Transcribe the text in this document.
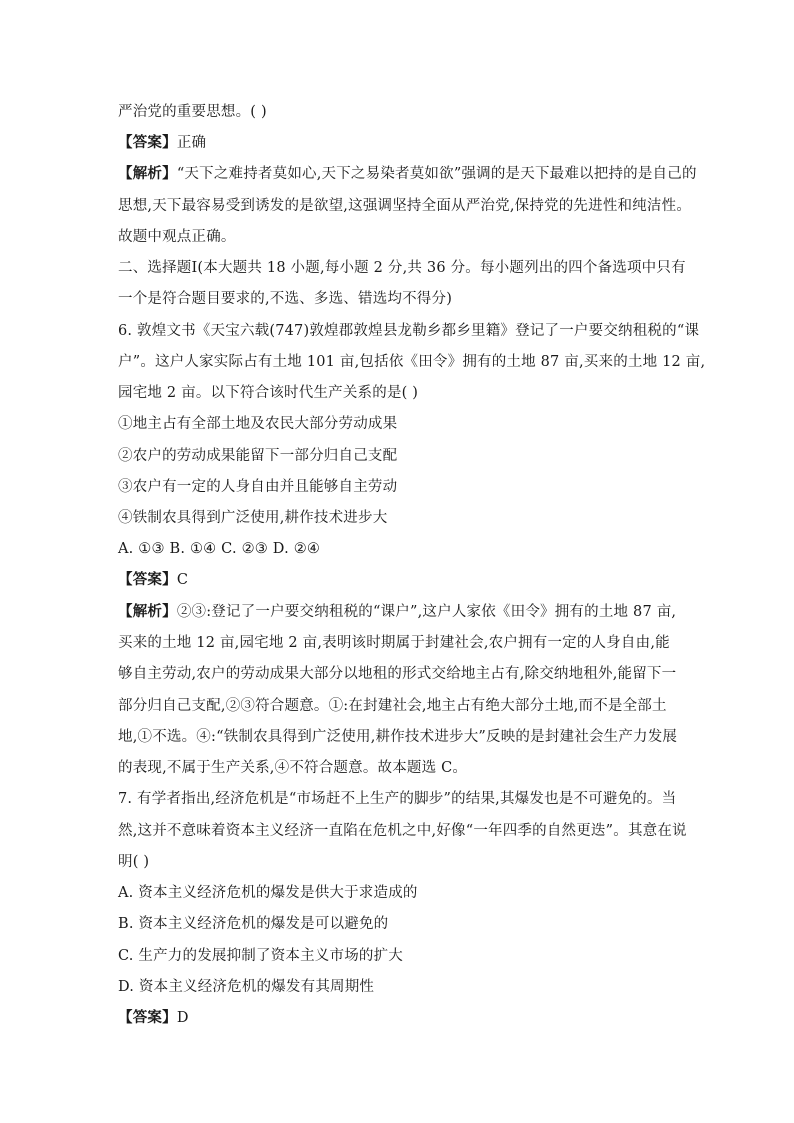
严治党的重要思想。( )
【答案】正确
【解析】“天下之难持者莫如心,天下之易染者莫如欲”强调的是天下最难以把持的是自己的
思想,天下最容易受到诱发的是欲望,这强调坚持全面从严治党,保持党的先进性和纯洁性。
故题中观点正确。
二、选择题Ⅰ(本大题共 18 小题,每小题 2 分,共 36 分。每小题列出的四个备选项中只有
一个是符合题目要求的,不选、多选、错选均不得分)
6. 敦煌文书《天宝六载(747)敦煌郡敦煌县龙勒乡都乡里籍》登记了一户要交纳租税的“课
户”。这户人家实际占有土地 101 亩,包括依《田令》拥有的土地 87 亩,买来的土地 12 亩,
园宅地 2 亩。以下符合该时代生产关系的是( )
①地主占有全部土地及农民大部分劳动成果
②农户的劳动成果能留下一部分归自己支配
③农户有一定的人身自由并且能够自主劳动
④铁制农具得到广泛使用,耕作技术进步大
A. ①③ B. ①④ C. ②③ D. ②④
【答案】C
【解析】②③:登记了一户要交纳租税的“课户”,这户人家依《田令》拥有的土地 87 亩,
买来的土地 12 亩,园宅地 2 亩,表明该时期属于封建社会,农户拥有一定的人身自由,能
够自主劳动,农户的劳动成果大部分以地租的形式交给地主占有,除交纳地租外,能留下一
部分归自己支配,②③符合题意。①:在封建社会,地主占有绝大部分土地,而不是全部土
地,①不选。④:“铁制农具得到广泛使用,耕作技术进步大”反映的是封建社会生产力发展
的表现,不属于生产关系,④不符合题意。故本题选 C。
7. 有学者指出,经济危机是“市场赶不上生产的脚步”的结果,其爆发也是不可避免的。当
然,这并不意味着资本主义经济一直陷在危机之中,好像“一年四季的自然更迭”。其意在说
明( )
A. 资本主义经济危机的爆发是供大于求造成的
B. 资本主义经济危机的爆发是可以避免的
C. 生产力的发展抑制了资本主义市场的扩大
D. 资本主义经济危机的爆发有其周期性
【答案】D
